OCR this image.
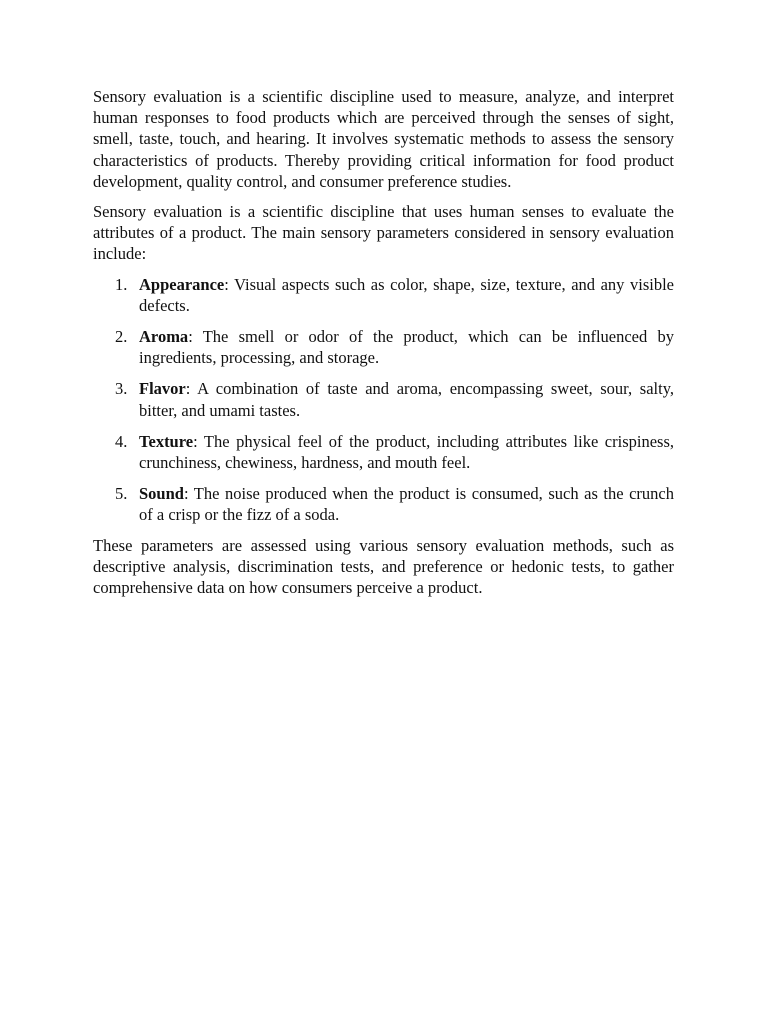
Sensory evaluation is a scientific discipline used to measure, analyze, and interpret human responses to food products which are perceived through the senses of sight, smell, taste, touch, and hearing. It involves systematic methods to assess the sensory characteristics of products. Thereby providing critical information for food product development, quality control, and consumer preference studies.

Sensory evaluation is a scientific discipline that uses human senses to evaluate the attributes of a product. The main sensory parameters considered in sensory evaluation include:

1. Appearance: Visual aspects such as color, shape, size, texture, and any visible defects.
2. Aroma: The smell or odor of the product, which can be influenced by ingredients, processing, and storage.
3. Flavor: A combination of taste and aroma, encompassing sweet, sour, salty, bitter, and umami tastes.
4. Texture: The physical feel of the product, including attributes like crispiness, crunchiness, chewiness, hardness, and mouth feel.
5. Sound: The noise produced when the product is consumed, such as the crunch of a crisp or the fizz of a soda.

These parameters are assessed using various sensory evaluation methods, such as descriptive analysis, discrimination tests, and preference or hedonic tests, to gather comprehensive data on how consumers perceive a product.
